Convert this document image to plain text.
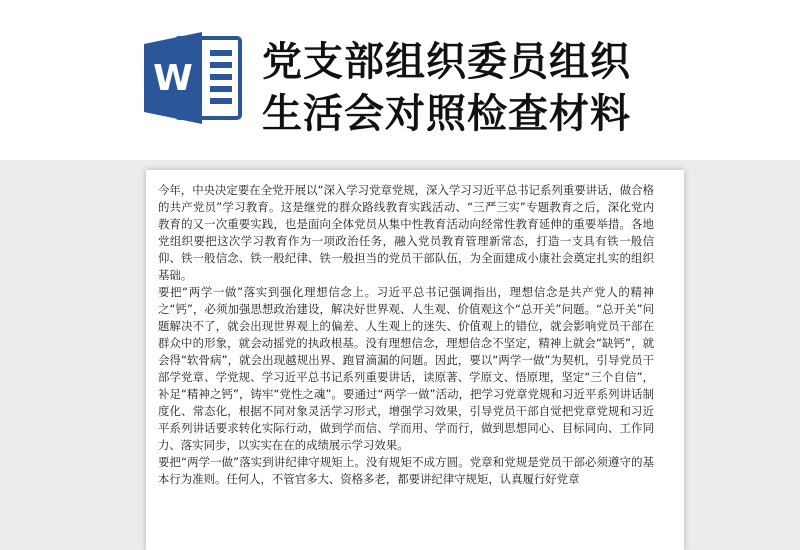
W 党支部组织委员组织
生活会对照检查材料

今年，中央决定要在全党开展以“深入学习党章党规，深入学习习近平总书记系列重要讲话，做合格的共产党员”学习教育。这是继党的群众路线教育实践活动、“三严三实”专题教育之后，深化党内教育的又一次重要实践，也是面向全体党员从集中性教育活动向经常性教育延伸的重要举措。各地党组织要把这次学习教育作为一项政治任务，融入党员教育管理新常态，打造一支具有铁一般信仰、铁一般信念、铁一般纪律、铁一般担当的党员干部队伍，为全面建成小康社会奠定扎实的组织基础。

要把“两学一做”落实到强化理想信念上。习近平总书记强调指出，理想信念是共产党人的精神之“钙”，必须加强思想政治建设，解决好世界观、人生观、价值观这个“总开关”问题。“总开关”问题解决不了，就会出现世界观上的偏差、人生观上的迷失、价值观上的错位，就会影响党员干部在群众中的形象，就会动摇党的执政根基。没有理想信念，理想信念不坚定，精神上就会“缺钙”，就会得“软骨病”，就会出现越规出界、跑冒滴漏的问题。因此，要以“两学一做”为契机，引导党员干部学党章、学党规、学习近平总书记系列重要讲话，读原著、学原文、悟原理，坚定“三个自信”，补足“精神之钙”，铸牢“党性之魂”。要通过“两学一做”活动，把学习党章党规和习近平系列讲话制度化、常态化，根据不同对象灵活学习形式，增强学习效果，引导党员干部自觉把党章党规和习近平系列讲话要求转化实际行动，做到学而信、学而用、学而行，做到思想同心、目标同向、工作同力、落实同步，以实实在在的成绩展示学习效果。

要把“两学一做”落实到讲纪律守规矩上。没有规矩不成方圆。党章和党规是党员干部必须遵守的基本行为准则。任何人，不管官多大、资格多老，都要讲纪律守规矩，认真履行好党章
